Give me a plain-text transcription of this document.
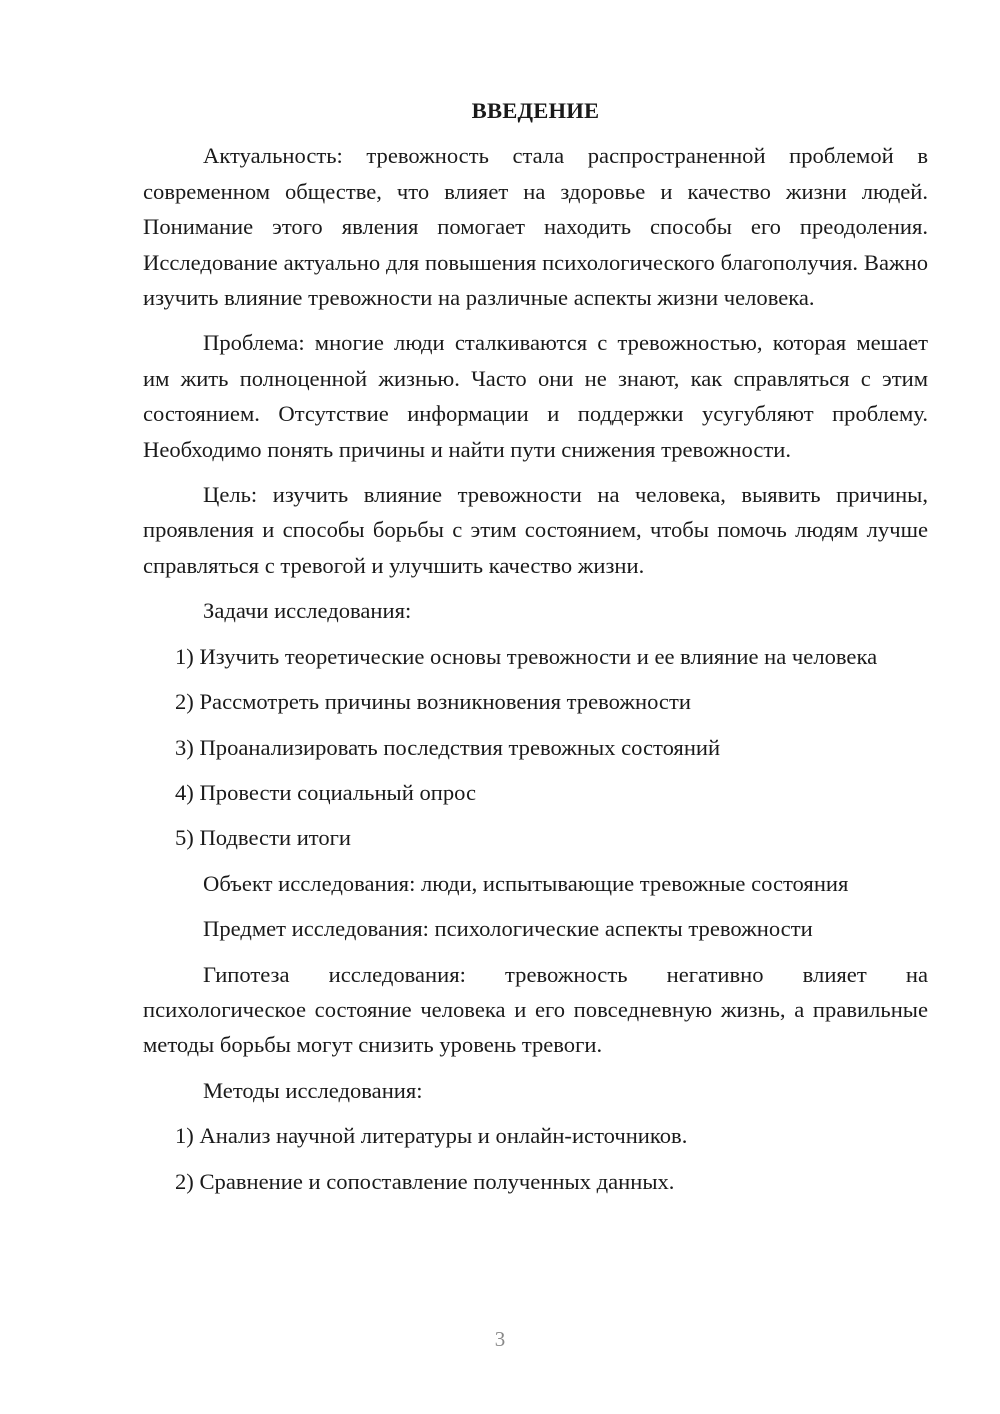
ВВЕДЕНИЕ

Актуальность: тревожность стала распространенной проблемой в современном обществе, что влияет на здоровье и качество жизни людей. Понимание этого явления помогает находить способы его преодоления. Исследование актуально для повышения психологического благополучия. Важно изучить влияние тревожности на различные аспекты жизни человека.

Проблема: многие люди сталкиваются с тревожностью, которая мешает им жить полноценной жизнью. Часто они не знают, как справляться с этим состоянием. Отсутствие информации и поддержки усугубляют проблему. Необходимо понять причины и найти пути снижения тревожности.

Цель: изучить влияние тревожности на человека, выявить причины, проявления и способы борьбы с этим состоянием, чтобы помочь людям лучше справляться с тревогой и улучшить качество жизни.

Задачи исследования:

1) Изучить теоретические основы тревожности и ее влияние на человека

2) Рассмотреть причины возникновения тревожности

3) Проанализировать последствия тревожных состояний

4) Провести социальный опрос

5) Подвести итоги

Объект исследования: люди, испытывающие тревожные состояния

Предмет исследования: психологические аспекты тревожности

Гипотеза исследования: тревожность негативно влияет на психологическое состояние человека и его повседневную жизнь, а правильные методы борьбы могут снизить уровень тревоги.

Методы исследования:

1) Анализ научной литературы и онлайн-источников.

2) Сравнение и сопоставление полученных данных.

3
